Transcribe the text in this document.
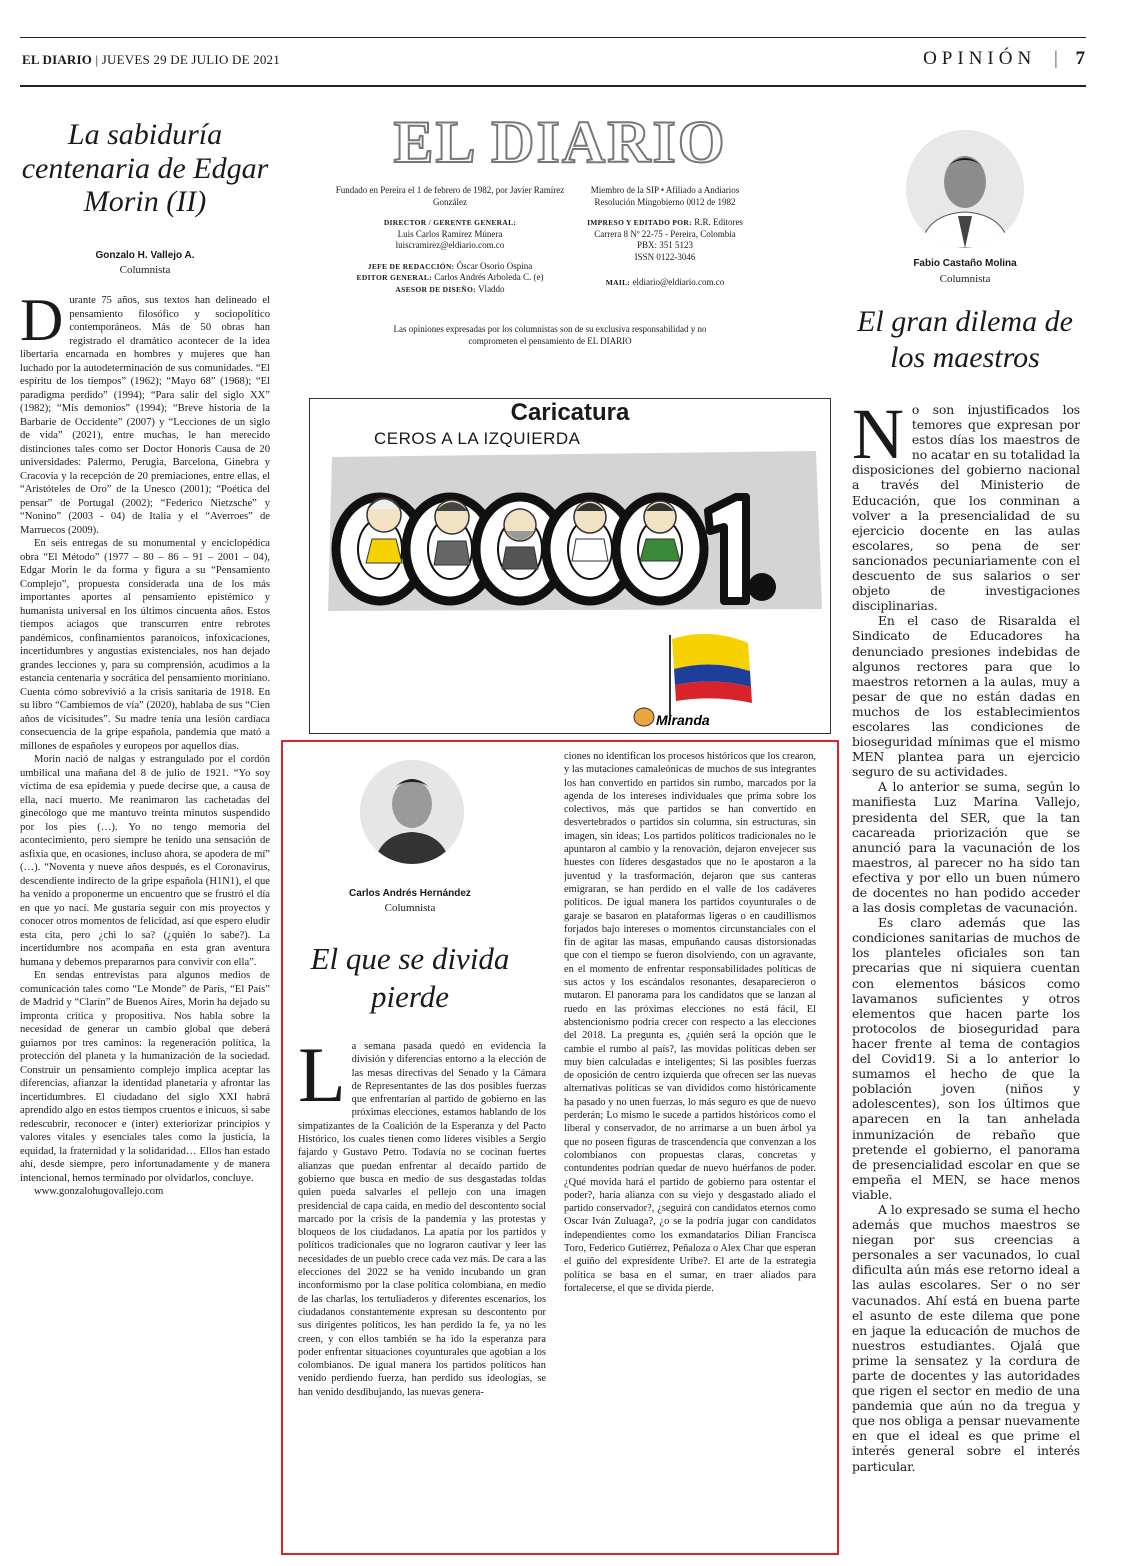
EL DIARIO | JUEVES 29 DE JULIO DE 2021	OPINIÓN | 7
La sabiduría centenaria de Edgar Morin (II)
Gonzalo H. Vallejo A.
Columnista
D urante 75 años, sus textos han delineado el pensamiento filosófico y sociopolítico contemporáneos. Más de 50 obras han registrado el dramático acontecer de la idea libertaria encarnada en hombres y mujeres que han luchado por la autodeterminación de sus comunidades. “El espíritu de los tiempos” (1962); “Mayo 68” (1968); “El paradigma perdido” (1994); “Para salir del siglo XX” (1982); “Mis demonios” (1994); “Breve historia de la Barbarie de Occidente” (2007) y “Lecciones de un siglo de vida” (2021), entre muchas, le han merecido distinciones tales como ser Doctor Honoris Causa de 20 universidades: Palermo, Perugia, Barcelona, Ginebra y Cracovia y la recepción de 20 premiaciones, entre ellas, el “Aristóteles de Oro” de la Unesco (2001); “Poética del pensar” de Portugal (2002); “Federico Nietzsche” y “Nonino” (2003 - 04) de Italia y el “Averroes” de Marruecos (2009).

En seis entregas de su monumental y enciclopédica obra “El Método” (1977 – 80 – 86 – 91 – 2001 – 04), Edgar Morin le da forma y figura a su “Pensamiento Complejo”, propuesta considerada una de los más importantes aportes al pensamiento epistémico y humanista universal en los últimos cincuenta años. Estos tiempos aciagos que transcurren entre rebrotes pandémicos, confinamientos paranoicos, infoxicaciones, incertidumbres y angustias existenciales, nos han dejado grandes lecciones y, para su comprensión, acudimos a la estancia centenaria y socrática del pensamiento moriniano. Cuenta cómo sobrevivió a la crisis sanitaria de 1918. En su libro “Cambiemos de vía” (2020), hablaba de sus “Cien años de vicisitudes”. Su madre tenía una lesión cardíaca consecuencia de la gripe española, pandemia que mató a millones de españoles y europeos por aquellos días.

Morin nació de nalgas y estrangulado por el cordón umbilical una mañana del 8 de julio de 1921. “Yo soy víctima de esa epidemia y puede decirse que, a causa de ella, nací muerto. Me reanimaron las cachetadas del ginecólogo que me mantuvo treinta minutos suspendido por los pies (…). Yo no tengo memoria del acontecimiento, pero siempre he tenido una sensación de asfixia que, en ocasiones, incluso ahora, se apodera de mí” (…). “Noventa y nueve años después, es el Coronavirus, descendiente indirecto de la gripe española (H1N1), el que ha venido a proponerme un encuentro que se frustró el día en que yo nací. Me gustaría seguir con mis proyectos y conocer otros momentos de felicidad, así que espero eludir esta cita, pero ¿chi lo sa? (¿quién lo sabe?). La incertidumbre nos acompaña en esta gran aventura humana y debemos prepararnos para convivir con ella”.

En sendas entrevistas para algunos medios de comunicación tales como “Le Monde” de París, “El País” de Madrid y “Clarín” de Buenos Aires, Morin ha dejado su impronta crítica y propositiva. Nos habla sobre la necesidad de generar un cambio global que deberá guiarnos por tres caminos: la regeneración política, la protección del planeta y la humanización de la sociedad. Construir un pensamiento complejo implica aceptar las diferencias, afianzar la identidad planetaria y afrontar las incertidumbres. El ciudadano del siglo XXI habrá aprendido algo en estos tiempos cruentos e inicuos, si sabe redescubrir, reconocer e (inter) exteriorizar principios y valores vitales y esenciales tales como la justicia, la equidad, la fraternidad y la solidaridad… Ellos han estado ahí, desde siempre, pero infortunadamente y de manera intencional, hemos terminado por olvidarlos, concluye.

www.gonzalohugovallejo.com

EL DIARIO
Fundado en Pereira el 1 de febrero de 1982, por Javier Ramírez González
DIRECTOR / GERENTE GENERAL:
Luis Carlos Ramírez Múnera
luiscramirez@eldiario.com.co
JEFE DE REDACCIÓN: Óscar Osorio Ospina
EDITOR GENERAL: Carlos Andrés Arboleda C. (e)
ASESOR DE DISEÑO: Vladdo
Miembro de la SIP • Afiliado a Andiarios
Resolución Mingobierno 0012 de 1982
IMPRESO Y EDITADO POR: R.R. Editores
Carrera 8 Nº 22-75 - Pereira, Colombia
PBX: 351 5123
ISSN 0122-3046
MAIL: eldiario@eldiario.com.co
Las opiniones expresadas por los columnistas son de su exclusiva responsabilidad y no comprometen el pensamiento de EL DIARIO
Caricatura
CEROS A LA IZQUIERDA
Miranda
Carlos Andrés Hernández
Columnista
El que se divida pierde
L a semana pasada quedó en evidencia la división y diferencias entorno a la elección de las mesas directivas del Senado y la Cámara de Representantes de las dos posibles fuerzas que enfrentarían al partido de gobierno en las próximas elecciones, estamos hablando de los simpatizantes de la Coalición de la Esperanza y del Pacto Histórico, los cuales tienen como líderes visibles a Sergio fajardo y Gustavo Petro. Todavía no se cocinan fuertes alianzas que puedan enfrentar al decaído partido de gobierno que busca en medio de sus desgastadas toldas quien pueda salvarles el pellejo con una imagen presidencial de capa caída, en medio del descontento social marcado por la crisis de la pandemia y las protestas y bloqueos de los ciudadanos. La apatía por los partidos y políticos tradicionales que no lograron cautivar y leer las necesidades de un pueblo crece cada vez más. De cara a las elecciones del 2022 se ha venido incubando un gran inconformismo por la clase política colombiana, en medio de las charlas, los tertuliaderos y diferentes escenarios, los ciudadanos constantemente expresan su descontento por sus dirigentes políticos, les han perdido la fe, ya no les creen, y con ellos también se ha ido la esperanza para poder enfrentar situaciones coyunturales que agobian a los colombianos. De igual manera los partidos políticos han venido perdiendo fuerza, han perdido sus ideologías, se han venido desdibujando, las nuevas genera-

ciones no identifican los procesos históricos que los crearon, y las mutaciones camaleónicas de muchos de sus integrantes los han convertido en partidos sin rumbo, marcados por la agenda de los intereses individuales que prima sobre los colectivos, más que partidos se han convertido en desvertebrados o partidos sin columna, sin estructuras, sin imagen, sin ideas; Los partidos políticos tradicionales no le apuntaron al cambio y la renovación, dejaron envejecer sus huestes con líderes desgastados que no le apostaron a la juventud y la trasformación, dejaron que sus canteras emigraran, se han perdido en el valle de los cadáveres políticos. De igual manera los partidos coyunturales o de garaje se basaron en plataformas ligeras o en caudillismos forjados bajo intereses o momentos circunstanciales con el fin de agitar las masas, empuñando causas distorsionadas que con el tiempo se fueron disolviendo, con un agravante, en el momento de enfrentar responsabilidades políticas de sus actos y los escándalos resonantes, desaparecieron o mutaron. El panorama para los candidatos que se lanzan al ruedo en las próximas elecciones no está fácil, El abstencionismo podría crecer con respecto a las elecciones del 2018. La pregunta es, ¿quién será la opción que le cambie el rumbo al país?, las movidas políticas deben ser muy bien calculadas e inteligentes; Si las posibles fuerzas de oposición de centro izquierda que ofrecen ser las nuevas alternativas políticas se van divididos como históricamente ha pasado y no unen fuerzas, lo más seguro es que de nuevo perderán; Lo mismo le sucede a partidos históricos como el liberal y conservador, de no arrimarse a un buen árbol ya que no poseen figuras de trascendencia que convenzan a los colombianos con propuestas claras, concretas y contundentes podrían quedar de nuevo huérfanos de poder. ¿Qué movida hará el partido de gobierno para ostentar el poder?, haría alianza con su viejo y desgastado aliado el partido conservador?, ¿seguirá con candidatos eternos como Oscar Iván Zuluaga?, ¿o se la podría jugar con candidatos independientes como los exmandatarios Dilian Francisca Toro, Federico Gutiérrez, Peñaloza o Alex Char que esperan el guiño del expresidente Uribe?. El arte de la estrategia política se basa en el sumar, en traer aliados para fortalecerse, el que se divida pierde.

Fabio Castaño Molina
Columnista
El gran dilema de los maestros
N o son injustificados los temores que expresan por estos días los maestros de no acatar en su totalidad la disposiciones del gobierno nacional a través del Ministerio de Educación, que los conminan a volver a la presencialidad de su ejercicio docente en las aulas escolares, so pena de ser sancionados pecuniariamente con el descuento de sus salarios o ser objeto de investigaciones disciplinarias.

En el caso de Risaralda el Sindicato de Educadores ha denunciado presiones indebidas de algunos rectores para que lo maestros retornen a la aulas, muy a pesar de que no están dadas en muchos de los establecimientos escolares las condiciones de bioseguridad mínimas que el mismo MEN plantea para un ejercicio seguro de su actividades.

A lo anterior se suma, según lo manifiesta Luz Marina Vallejo, presidenta del SER, que la tan cacareada priorización que se anunció para la vacunación de los maestros, al parecer no ha sido tan efectiva y por ello un buen número de docentes no han podido acceder a las dosis completas de vacunación.

Es claro además que las condiciones sanitarias de muchos de los planteles oficiales son tan precarias que ni siquiera cuentan con elementos básicos como lavamanos suficientes y otros elementos que hacen parte los protocolos de bioseguridad para hacer frente al tema de contagios del Covid19. Si a lo anterior lo sumamos el hecho de que la población joven (niños y adolescentes), son los últimos que aparecen en la tan anhelada inmunización de rebaño que pretende el gobierno, el panorama de presencialidad escolar en que se empeña el MEN, se hace menos viable.

A lo expresado se suma el hecho además que muchos maestros se niegan por sus creencias a personales a ser vacunados, lo cual dificulta aún más ese retorno ideal a las aulas escolares. Ser o no ser vacunados. Ahí está en buena parte el asunto de este dilema que pone en jaque la educación de muchos de nuestros estudiantes. Ojalá que prime la sensatez y la cordura de parte de docentes y las autoridades que rigen el sector en medio de una pandemia que aún no da tregua y que nos obliga a pensar nuevamente en que el ideal es que prime el interés general sobre el interés particular.
